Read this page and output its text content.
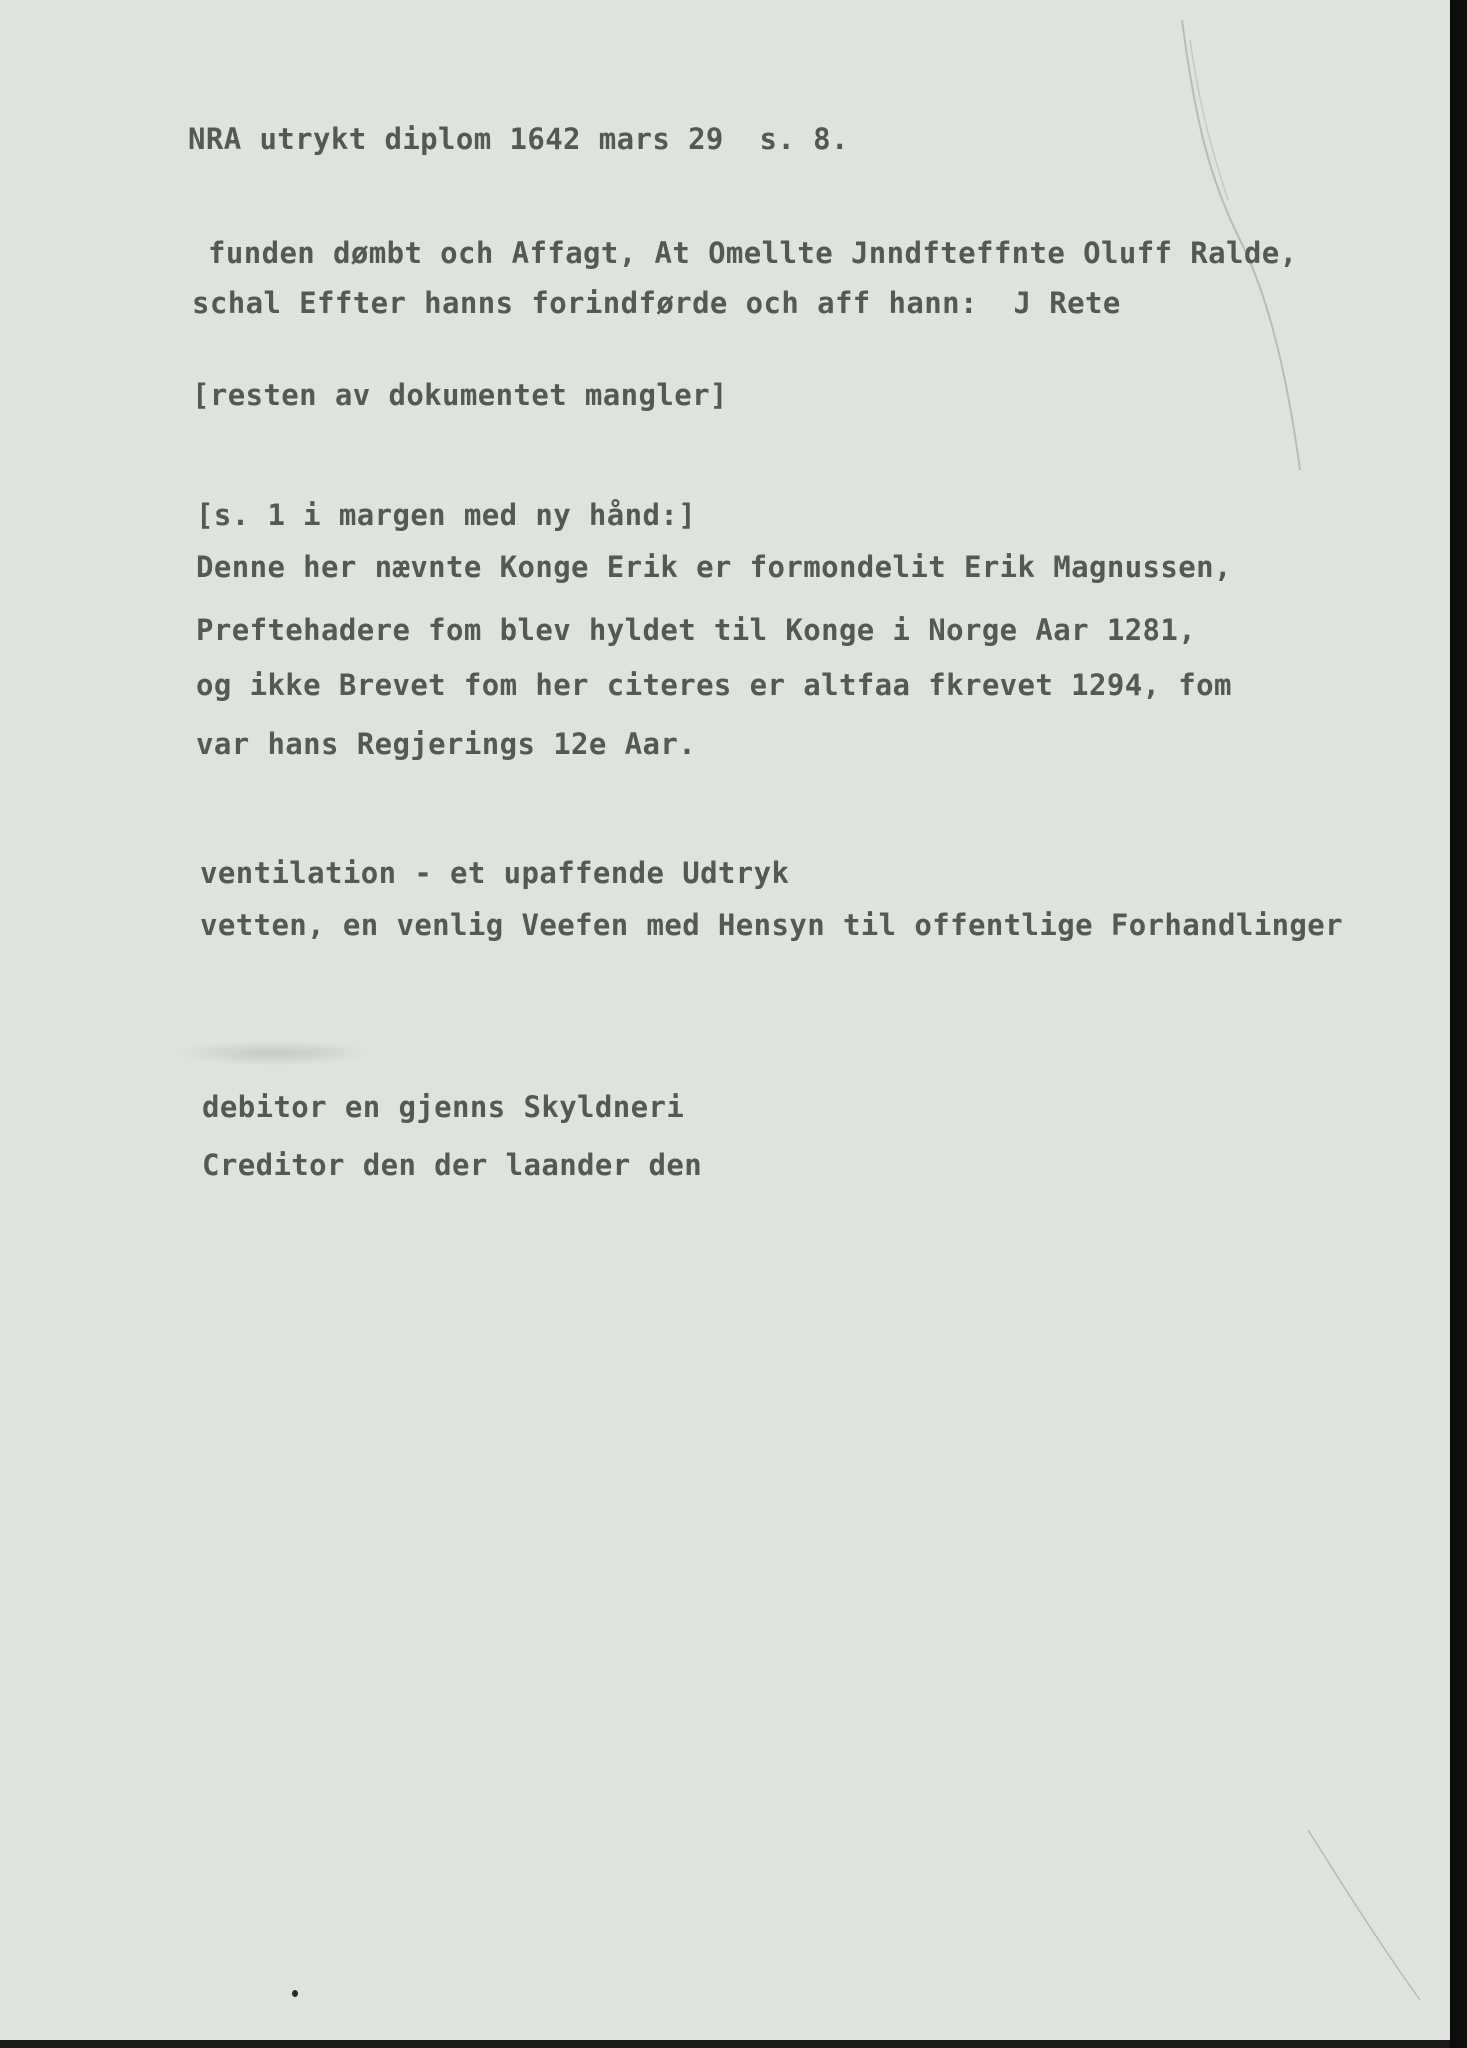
NRA utrykt diplom 1642 mars 29  s. 8.

funden dømbt och Affagt, At Omellte Jnndfteffnte Oluff Ralde,

schal Effter hanns forindførde och aff hann:  J Rete

[resten av dokumentet mangler]

[s. 1 i margen med ny hånd:]

Denne her nævnte Konge Erik er formondelit Erik Magnussen,

Preftehadere fom blev hyldet til Konge i Norge Aar 1281,

og ikke Brevet fom her citeres er altfaa fkrevet 1294, fom

var hans Regjerings 12e Aar.

ventilation - et upaffende Udtryk

vetten, en venlig Veefen med Hensyn til offentlige Forhandlinger

debitor en gjenns Skyldneri

Creditor den der laander den
